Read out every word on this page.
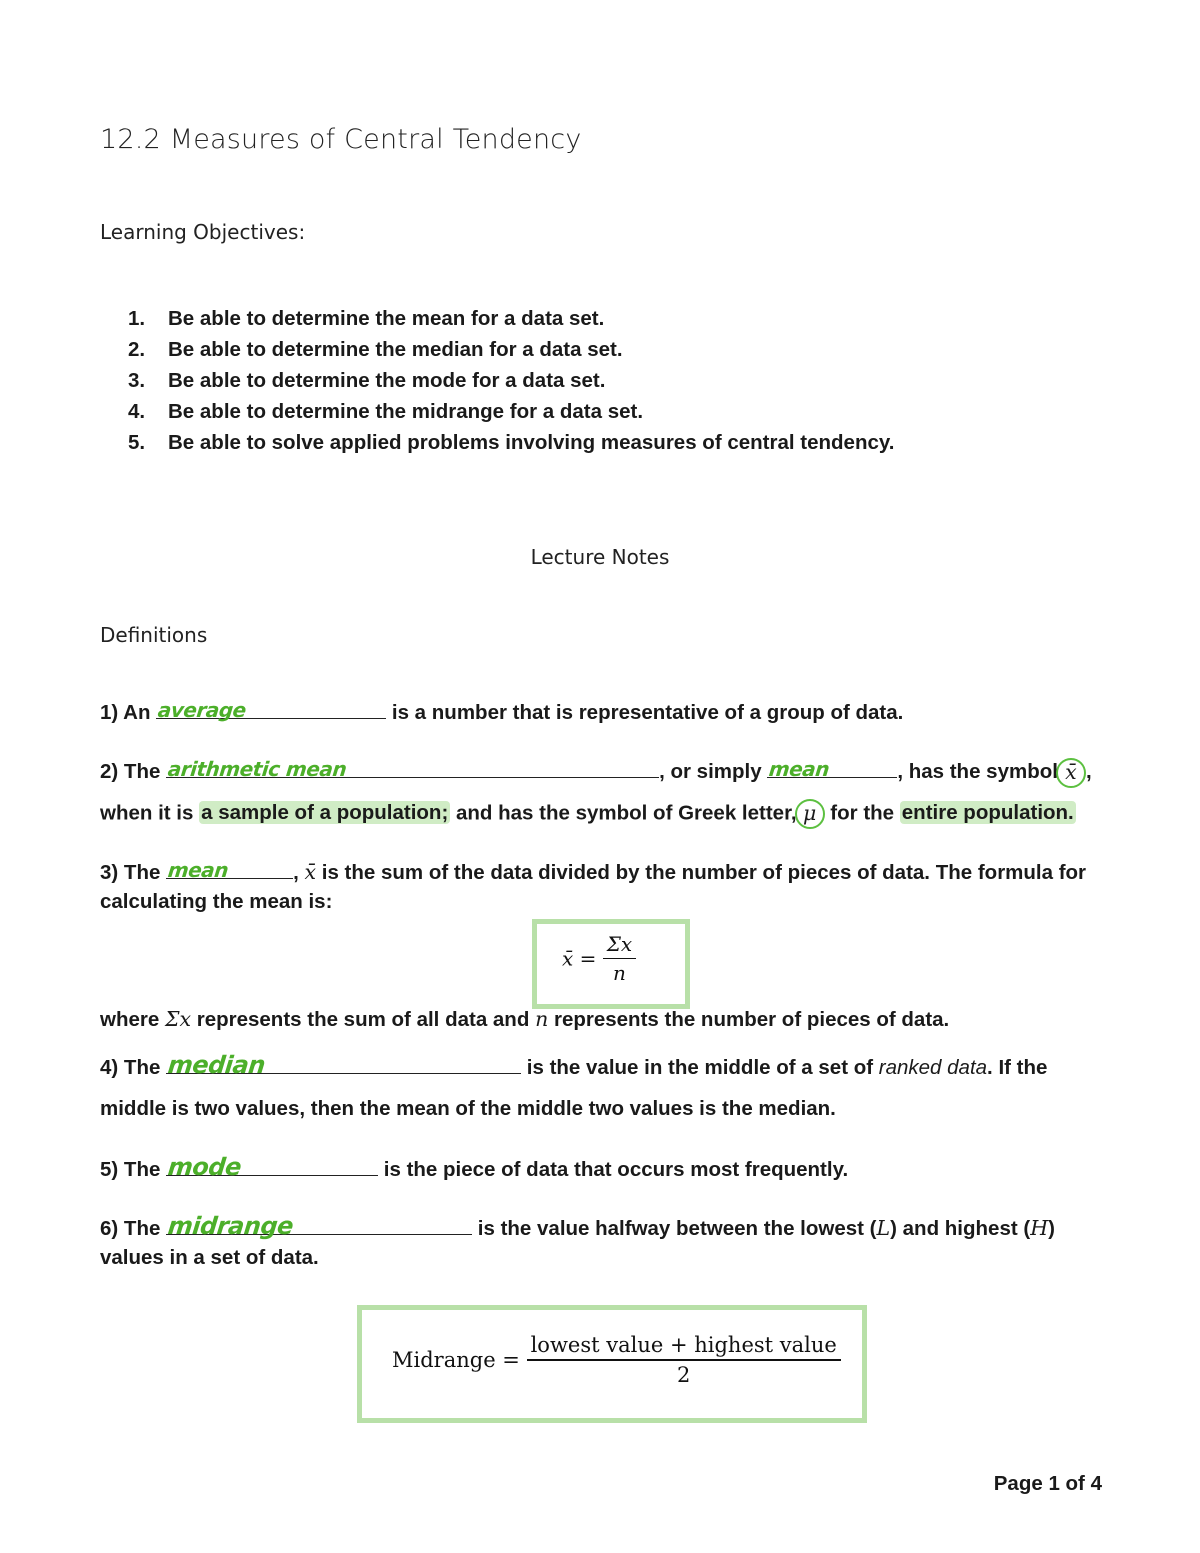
12.2 Measures of Central Tendency
Learning Objectives:
1. Be able to determine the mean for a data set.
2. Be able to determine the median for a data set.
3. Be able to determine the mode for a data set.
4. Be able to determine the midrange for a data set.
5. Be able to solve applied problems involving measures of central tendency.
Lecture Notes
Definitions
1) An average	is a number that is representative of a group of data.
2) The arithmetic mean	, or simply mean	, has the symbol x̄ ,
when it is a sample of a population; and has the symbol of Greek letter, μ for the entire population.
3) The mean	, x̄ is the sum of the data divided by the number of pieces of data. The formula for
calculating the mean is:
x̄ = $\frac{\Sigma x}{n}$
where Σx represents the sum of all data and n represents the number of pieces of data.
4) The median	is the value in the middle of a set of ranked data. If the
middle is two values, then the mean of the middle two values is the median.
5) The mode	is the piece of data that occurs most frequently.
6) The midrange	is the value halfway between the lowest (L) and highest (H)
values in a set of data.
Midrange = $\frac{\text{lowest value + highest value}}{2}$
Page 1 of 4
